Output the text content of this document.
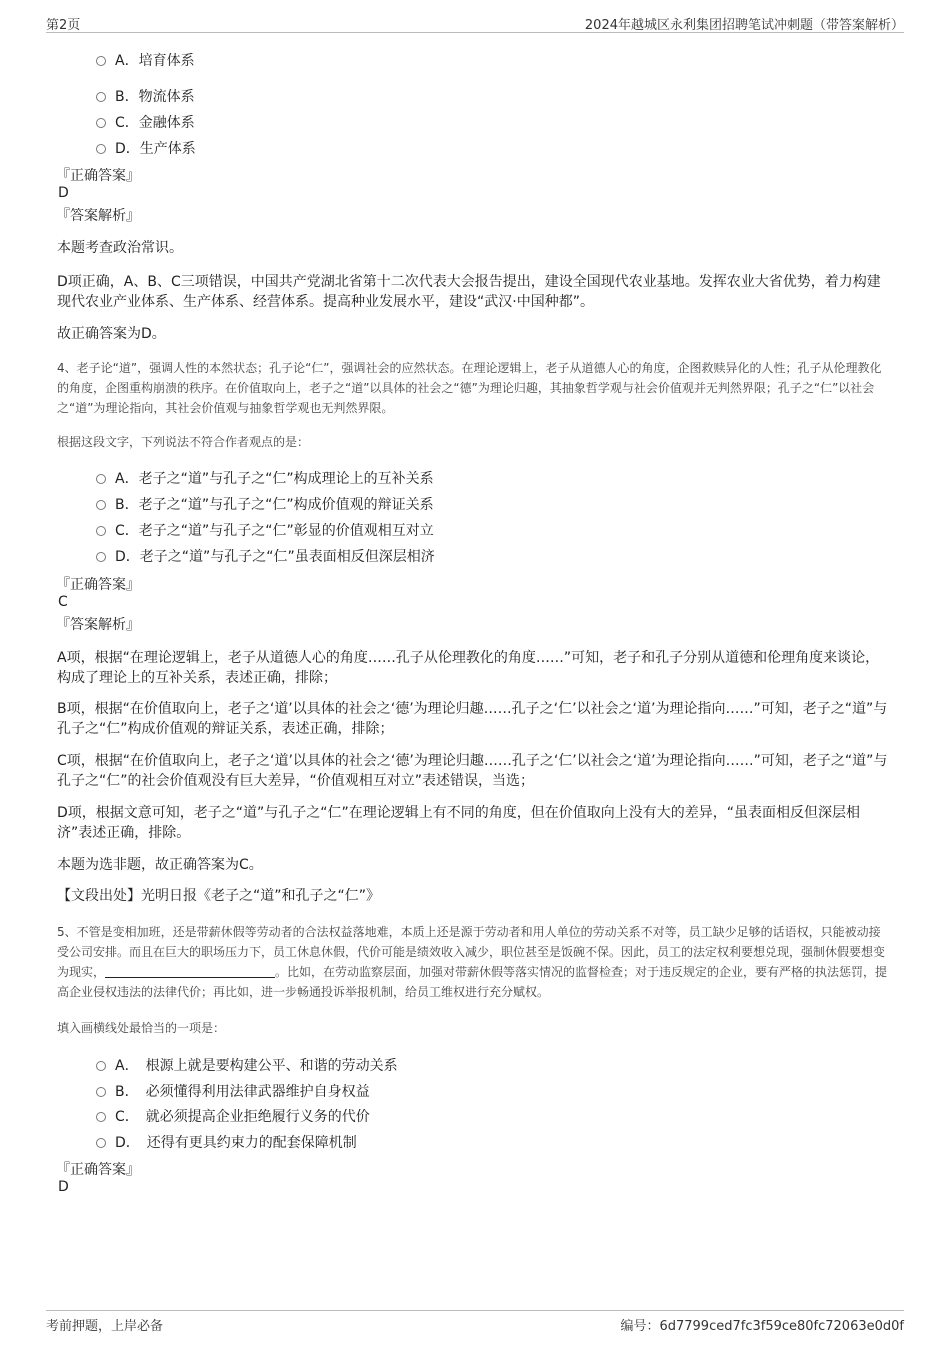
第2页	2024年越城区永利集团招聘笔试冲刺题（带答案解析）
A．培育体系
B．物流体系
C．金融体系
D．生产体系
『正确答案』
D
『答案解析』
本题考查政治常识。
D项正确，A、B、C三项错误，中国共产党湖北省第十二次代表大会报告提出，建设全国现代农业基地。发挥农业大省优势，着力构建现代农业产业体系、生产体系、经营体系。提高种业发展水平，建设“武汉·中国种都”。
故正确答案为D。
4、老子论“道”，强调人性的本然状态；孔子论“仁”，强调社会的应然状态。在理论逻辑上，老子从道德人心的角度，企图救赎异化的人性；孔子从伦理教化的角度，企图重构崩溃的秩序。在价值取向上，老子之“道”以具体的社会之“德”为理论归趣，其抽象哲学观与社会价值观并无判然界限；孔子之“仁”以社会之“道”为理论指向，其社会价值观与抽象哲学观也无判然界限。
根据这段文字，下列说法不符合作者观点的是：
A．老子之“道”与孔子之“仁”构成理论上的互补关系
B．老子之“道”与孔子之“仁”构成价值观的辩证关系
C．老子之“道”与孔子之“仁”彰显的价值观相互对立
D．老子之“道”与孔子之“仁”虽表面相反但深层相济
『正确答案』
C
『答案解析』
A项，根据“在理论逻辑上，老子从道德人心的角度……孔子从伦理教化的角度……”可知，老子和孔子分别从道德和伦理角度来谈论，构成了理论上的互补关系，表述正确，排除；
B项，根据“在价值取向上，老子之‘道’以具体的社会之‘德’为理论归趣……孔子之‘仁’以社会之‘道’为理论指向……”可知，老子之“道”与孔子之“仁”构成价值观的辩证关系，表述正确，排除；
C项，根据“在价值取向上，老子之‘道’以具体的社会之‘德’为理论归趣……孔子之‘仁’以社会之‘道’为理论指向……”可知，老子之“道”与孔子之“仁”的社会价值观没有巨大差异，“价值观相互对立”表述错误，当选；
D项，根据文意可知，老子之“道”与孔子之“仁”在理论逻辑上有不同的角度，但在价值取向上没有大的差异，“虽表面相反但深层相济”表述正确，排除。
本题为选非题，故正确答案为C。
【文段出处】光明日报《老子之“道”和孔子之“仁”》
5、不管是变相加班，还是带薪休假等劳动者的合法权益落地难，本质上还是源于劳动者和用人单位的劳动关系不对等，员工缺少足够的话语权，只能被动接受公司安排。而且在巨大的职场压力下，员工休息休假，代价可能是绩效收入减少，职位甚至是饭碗不保。因此，员工的法定权利要想兑现，强制休假要想变为现实，	。比如，在劳动监察层面，加强对带薪休假等落实情况的监督检查；对于违反规定的企业，要有严格的执法惩罚，提高企业侵权违法的法律代价；再比如，进一步畅通投诉举报机制，给员工维权进行充分赋权。
填入画横线处最恰当的一项是：
A．　根源上就是要构建公平、和谐的劳动关系
B．　必须懂得利用法律武器维护自身权益
C．　就必须提高企业拒绝履行义务的代价
D．　还得有更具约束力的配套保障机制
『正确答案』
D
考前押题，上岸必备	编号：6d7799ced7fc3f59ce80fc72063e0d0f
